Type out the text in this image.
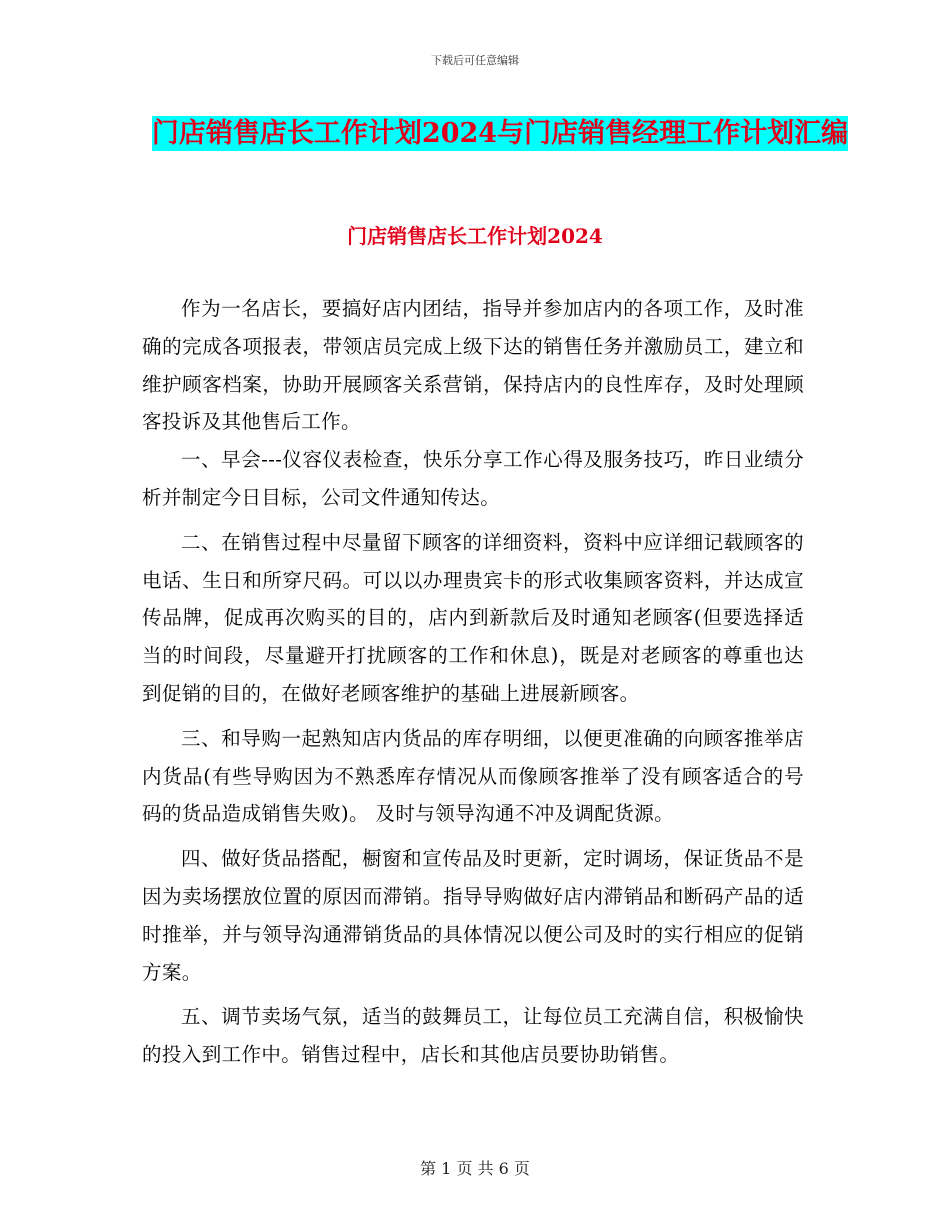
下载后可任意编辑
门店销售店长工作计划2024与门店销售经理工作计划汇编
门店销售店长工作计划2024

作为一名店长，要搞好店内团结，指导并参加店内的各项工作，及时准确的完成各项报表，带领店员完成上级下达的销售任务并激励员工，建立和维护顾客档案，协助开展顾客关系营销，保持店内的良性库存，及时处理顾客投诉及其他售后工作。

一、早会---仪容仪表检查，快乐分享工作心得及服务技巧，昨日业绩分析并制定今日目标，公司文件通知传达。

二、在销售过程中尽量留下顾客的详细资料，资料中应详细记载顾客的电话、生日和所穿尺码。可以以办理贵宾卡的形式收集顾客资料，并达成宣传品牌，促成再次购买的目的，店内到新款后及时通知老顾客(但要选择适当的时间段，尽量避开打扰顾客的工作和休息)，既是对老顾客的尊重也达到促销的目的，在做好老顾客维护的基础上进展新顾客。

三、和导购一起熟知店内货品的库存明细，以便更准确的向顾客推举店内货品(有些导购因为不熟悉库存情况从而像顾客推举了没有顾客适合的号码的货品造成销售失败)。 及时与领导沟通不冲及调配货源。

四、做好货品搭配，橱窗和宣传品及时更新，定时调场，保证货品不是因为卖场摆放位置的原因而滞销。指导导购做好店内滞销品和断码产品的适时推举，并与领导沟通滞销货品的具体情况以便公司及时的实行相应的促销方案。

五、调节卖场气氛，适当的鼓舞员工，让每位员工充满自信，积极愉快的投入到工作中。销售过程中，店长和其他店员要协助销售。

第 1 页 共 6 页
